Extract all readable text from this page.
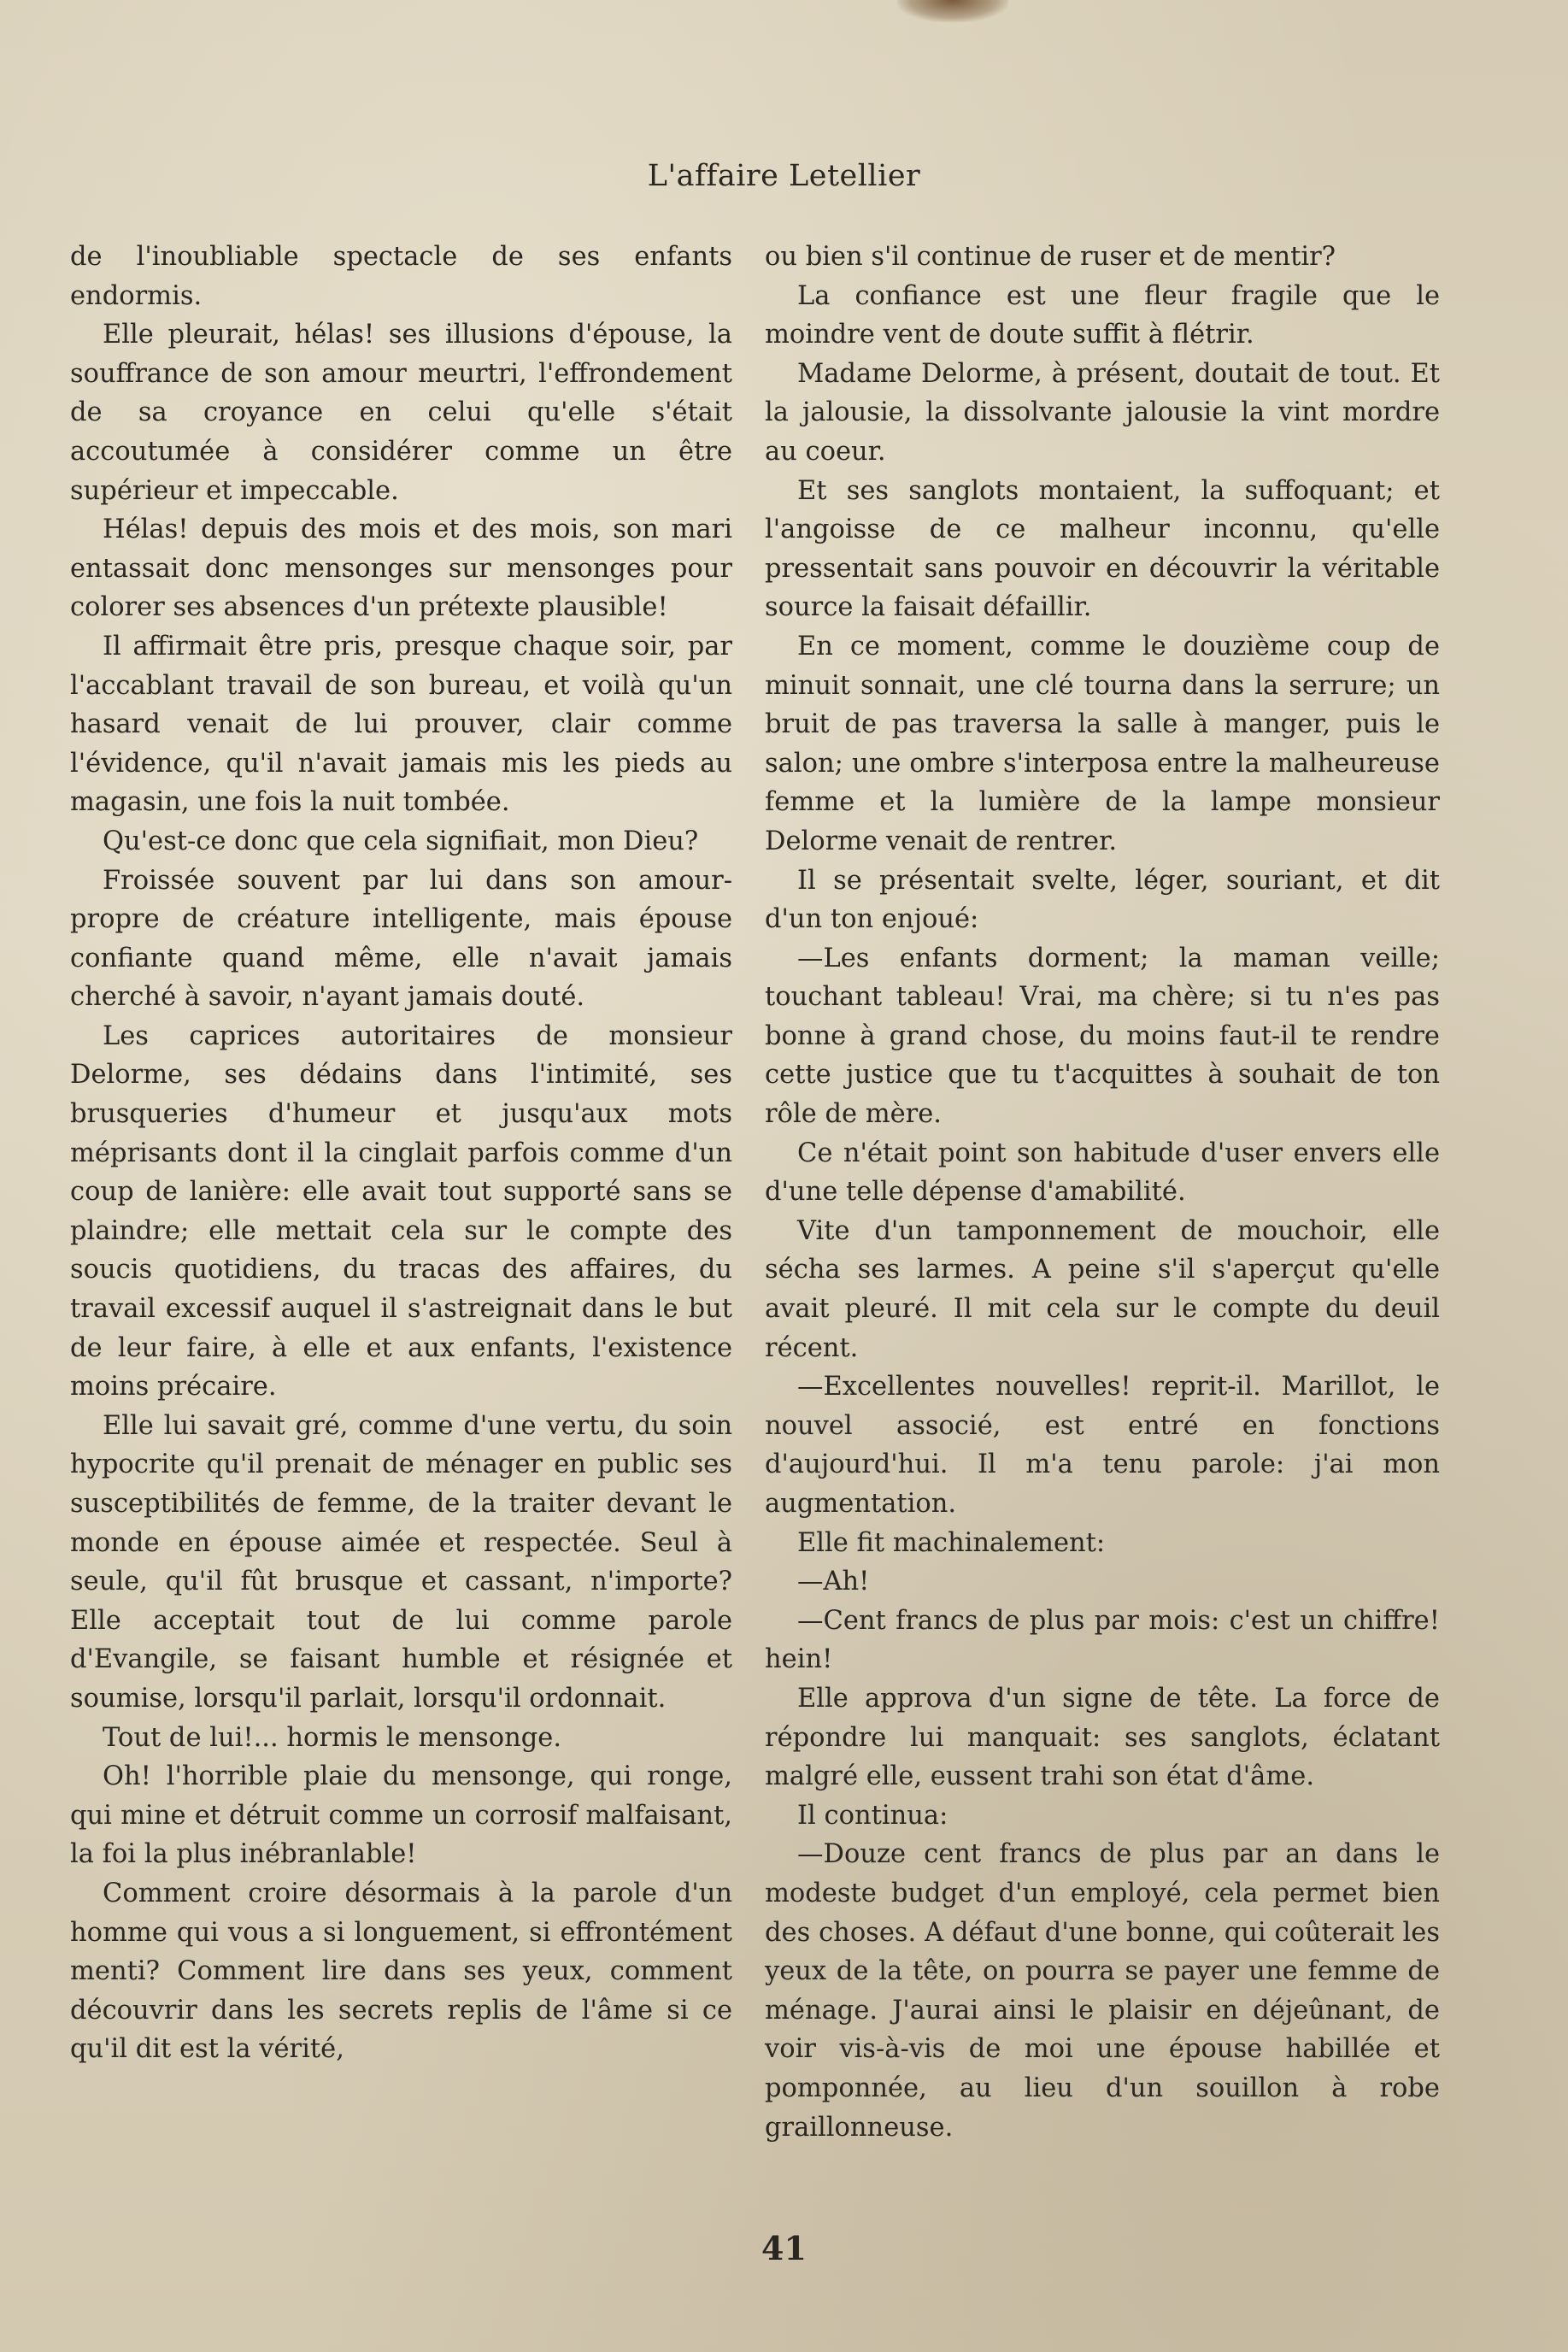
L'affaire Letellier

de l'inoubliable spectacle de ses enfants endormis.

Elle pleurait, hélas! ses illusions d'épouse, la souffrance de son amour meurtri, l'effrondement de sa croyance en celui qu'elle s'était accoutumée à considérer comme un être supérieur et impeccable.

Hélas! depuis des mois et des mois, son mari entassait donc mensonges sur mensonges pour colorer ses absences d'un prétexte plausible!

Il affirmait être pris, presque chaque soir, par l'accablant travail de son bureau, et voilà qu'un hasard venait de lui prouver, clair comme l'évidence, qu'il n'avait jamais mis les pieds au magasin, une fois la nuit tombée.

Qu'est-ce donc que cela signifiait, mon Dieu?

Froissée souvent par lui dans son amour-propre de créature intelligente, mais épouse confiante quand même, elle n'avait jamais cherché à savoir, n'ayant jamais douté.

Les caprices autoritaires de monsieur Delorme, ses dédains dans l'intimité, ses brusqueries d'humeur et jusqu'aux mots méprisants dont il la cinglait parfois comme d'un coup de lanière: elle avait tout supporté sans se plaindre; elle mettait cela sur le compte des soucis quotidiens, du tracas des affaires, du travail excessif auquel il s'astreignait dans le but de leur faire, à elle et aux enfants, l'existence moins précaire.

Elle lui savait gré, comme d'une vertu, du soin hypocrite qu'il prenait de ménager en public ses susceptibilités de femme, de la traiter devant le monde en épouse aimée et respectée. Seul à seule, qu'il fût brusque et cassant, n'importe? Elle acceptait tout de lui comme parole d'Evangile, se faisant humble et résignée et soumise, lorsqu'il parlait, lorsqu'il ordonnait.

Tout de lui!... hormis le mensonge.

Oh! l'horrible plaie du mensonge, qui ronge, qui mine et détruit comme un corrosif malfaisant, la foi la plus inébranlable!

Comment croire désormais à la parole d'un homme qui vous a si longuement, si effrontément menti? Comment lire dans ses yeux, comment découvrir dans les secrets replis de l'âme si ce qu'il dit est la vérité,

ou bien s'il continue de ruser et de mentir?

La confiance est une fleur fragile que le moindre vent de doute suffit à flétrir.

Madame Delorme, à présent, doutait de tout. Et la jalousie, la dissolvante jalousie la vint mordre au coeur.

Et ses sanglots montaient, la suffoquant; et l'angoisse de ce malheur inconnu, qu'elle pressentait sans pouvoir en découvrir la véritable source la faisait défaillir.

En ce moment, comme le douzième coup de minuit sonnait, une clé tourna dans la serrure; un bruit de pas traversa la salle à manger, puis le salon; une ombre s'interposa entre la malheureuse femme et la lumière de la lampe monsieur Delorme venait de rentrer.

Il se présentait svelte, léger, souriant, et dit d'un ton enjoué:

—Les enfants dorment; la maman veille; touchant tableau! Vrai, ma chère; si tu n'es pas bonne à grand chose, du moins faut-il te rendre cette justice que tu t'acquittes à souhait de ton rôle de mère.

Ce n'était point son habitude d'user envers elle d'une telle dépense d'amabilité.

Vite d'un tamponnement de mouchoir, elle sécha ses larmes. A peine s'il s'aperçut qu'elle avait pleuré. Il mit cela sur le compte du deuil récent.

—Excellentes nouvelles! reprit-il. Marillot, le nouvel associé, est entré en fonctions d'aujourd'hui. Il m'a tenu parole: j'ai mon augmentation.

Elle fit machinalement:

—Ah!

—Cent francs de plus par mois: c'est un chiffre! hein!

Elle approva d'un signe de tête. La force de répondre lui manquait: ses sanglots, éclatant malgré elle, eussent trahi son état d'âme.

Il continua:

—Douze cent francs de plus par an dans le modeste budget d'un employé, cela permet bien des choses. A défaut d'une bonne, qui coûterait les yeux de la tête, on pourra se payer une femme de ménage. J'aurai ainsi le plaisir en déjeûnant, de voir vis-à-vis de moi une épouse habillée et pomponnée, au lieu d'un souillon à robe graillonneuse.

41
